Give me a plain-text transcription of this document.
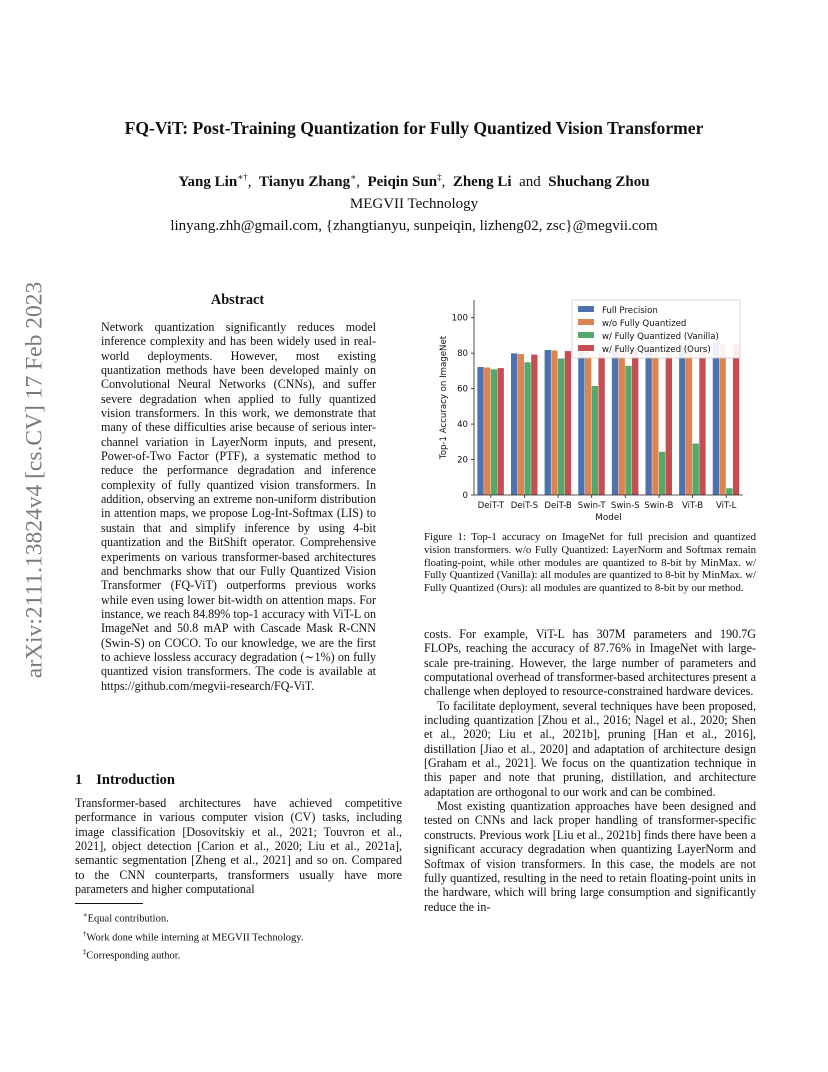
FQ-ViT: Post-Training Quantization for Fully Quantized Vision Transformer
Yang Lin∗†, Tianyu Zhang∗, Peiqin Sun‡, Zheng Li and Shuchang Zhou
MEGVII Technology
linyang.zhh@gmail.com, {zhangtianyu, sunpeiqin, lizheng02, zsc}@megvii.com
arXiv:2111.13824v4 [cs.CV] 17 Feb 2023	Abstract
Network quantization significantly reduces model inference complexity and has been widely used in real-world deployments. However, most existing quantization methods have been developed mainly on Convolutional Neural Networks (CNNs), and suffer severe degradation when applied to fully quantized vision transformers. In this work, we demonstrate that many of these difficulties arise because of serious inter-channel variation in LayerNorm inputs, and present, Power-of-Two Factor (PTF), a systematic method to reduce the performance degradation and inference complexity of fully quantized vision transformers. In addition, observing an extreme non-uniform distribution in attention maps, we propose Log-Int-Softmax (LIS) to sustain that and simplify inference by using 4-bit quantization and the BitShift operator. Comprehensive experiments on various transformer-based architectures and benchmarks show that our Fully Quantized Vision Transformer (FQ-ViT) outperforms previous works while even using lower bit-width on attention maps. For instance, we reach 84.89% top-1 accuracy with ViT-L on ImageNet and 50.8 mAP with Cascade Mask R-CNN (Swin-S) on COCO. To our knowledge, we are the first to achieve lossless accuracy degradation (∼1%) on fully quantized vision transformers. The code is available at https://github.com/megvii-research/FQ-ViT.
1 Introduction
Transformer-based architectures have achieved competitive performance in various computer vision (CV) tasks, including image classification [Dosovitskiy et al., 2021; Touvron et al., 2021], object detection [Carion et al., 2020; Liu et al., 2021a], semantic segmentation [Zheng et al., 2021] and so on. Compared to the CNN counterparts, transformers usually have more parameters and higher computational
∗Equal contribution.
†Work done while interning at MEGVII Technology.
‡Corresponding author.
0
20
40
60
80
100
DeiT-T DeiT-S DeiT-B Swin-T Swin-S Swin-B ViT-B ViT-L
Model
Top-1 Accuracy on ImageNet
Full Precision
w/o Fully Quantized
w/ Fully Quantized (Vanilla)
w/ Fully Quantized (Ours)
Figure 1: Top-1 accuracy on ImageNet for full precision and quantized vision transformers. w/o Fully Quantized: LayerNorm and Softmax remain floating-point, while other modules are quantized to 8-bit by MinMax. w/ Fully Quantized (Vanilla): all modules are quantized to 8-bit by MinMax. w/ Fully Quantized (Ours): all modules are quantized to 8-bit by our method.

costs. For example, ViT-L has 307M parameters and 190.7G FLOPs, reaching the accuracy of 87.76% in ImageNet with large-scale pre-training. However, the large number of parameters and computational overhead of transformer-based architectures present a challenge when deployed to resource-constrained hardware devices.

To facilitate deployment, several techniques have been proposed, including quantization [Zhou et al., 2016; Nagel et al., 2020; Shen et al., 2020; Liu et al., 2021b], pruning [Han et al., 2016], distillation [Jiao et al., 2020] and adaptation of architecture design [Graham et al., 2021]. We focus on the quantization technique in this paper and note that pruning, distillation, and architecture adaptation are orthogonal to our work and can be combined.

Most existing quantization approaches have been designed and tested on CNNs and lack proper handling of transformer-specific constructs. Previous work [Liu et al., 2021b] finds there have been a significant accuracy degradation when quantizing LayerNorm and Softmax of vision transformers. In this case, the models are not fully quantized, resulting in the need to retain floating-point units in the hardware, which will bring large consumption and significantly reduce the in-
